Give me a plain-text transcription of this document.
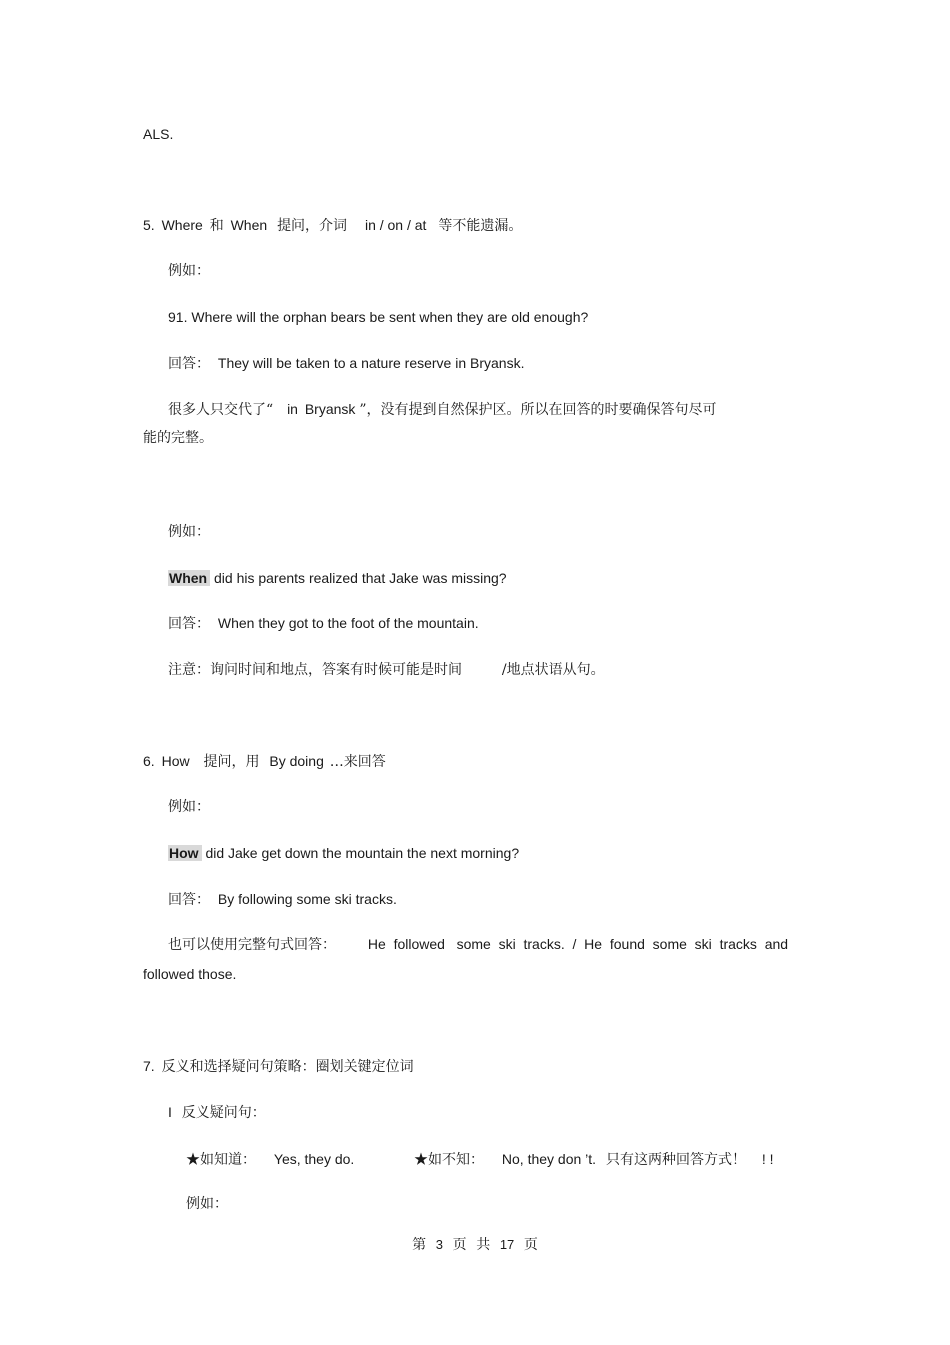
ALS.
5. Where 和 When 提问，介词 in / on / at 等不能遗漏。
例如：
91. Where will the orphan bears be sent when they are old enough?
回答： They will be taken to a nature reserve in Bryansk.
很多人只交代了“ in Bryansk ”，没有提到自然保护区。所以在回答的时要确保答句尽可
能的完整。
例如：
When did his parents realized that Jake was missing?
回答： When they got to the foot of the mountain.
注意：询问时间和地点，答案有时候可能是时间	/地点状语从句。
6. How 提问，用 By doing …来回答
例如：
How did Jake get down the mountain the next morning?
回答： By following some ski tracks.
也可以使用完整句式回答： He  followed   some  ski  tracks.  /  He  found  some  ski  tracks  and
followed those.
7. 反义和选择疑问句策略：圈划关键定位词
I 反义疑问句：
★如知道： Yes, they do.	★如不知： No, they don ’t. 只有这两种回答方式！ ! !
例如：
第 3 页 共 17 页
